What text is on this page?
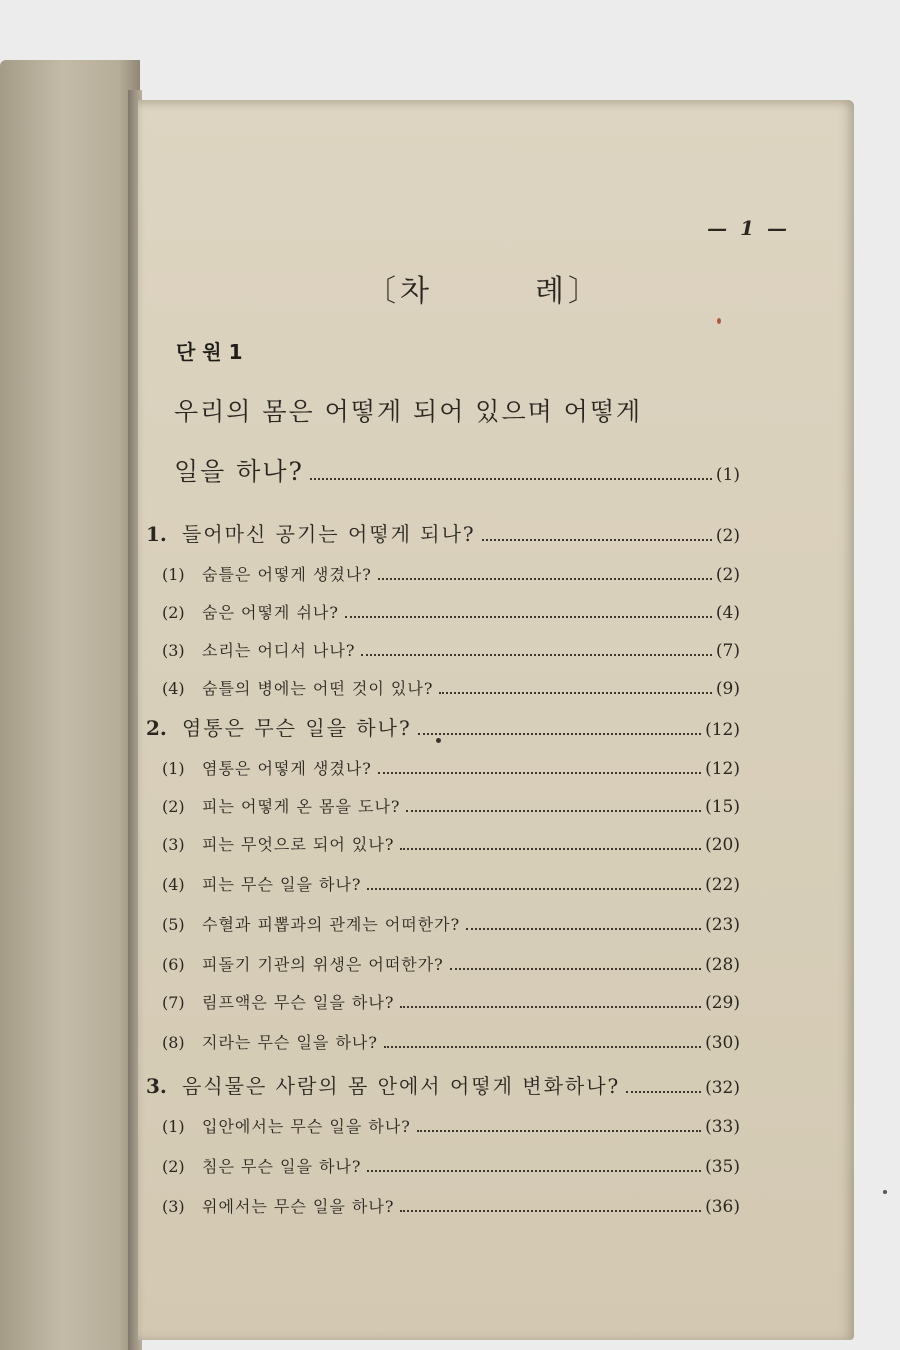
— 1 —
〔차　　　례〕
단 원 1
우리의 몸은 어떻게 되어 있으며 어떻게
일을 하나?	(1)
1. 들어마신 공기는 어떻게 되나?	(2)
(1)	숨틀은 어떻게 생겼나?	(2)
(2)	숨은 어떻게 쉬나?	(4)
(3)	소리는 어디서 나나?	(7)
(4)	숨틀의 병에는 어떤 것이 있나?	(9)
2. 염통은 무슨 일을 하나?	(12)
(1)	염통은 어떻게 생겼나?	(12)
(2)	피는 어떻게 온 몸을 도나?	(15)
(3)	피는 무엇으로 되어 있나?	(20)
(4)	피는 무슨 일을 하나?	(22)
(5)	수혈과 피뽑과의 관계는 어떠한가?	(23)
(6)	피돌기 기관의 위생은 어떠한가?	(28)
(7)	림프액은 무슨 일을 하나?	(29)
(8)	지라는 무슨 일을 하나?	(30)
3. 음식물은 사람의 몸 안에서 어떻게 변화하나?	(32)
(1)	입안에서는 무슨 일을 하나?	(33)
(2)	침은 무슨 일을 하나?	(35)
(3)	위에서는 무슨 일을 하나?	(36)
